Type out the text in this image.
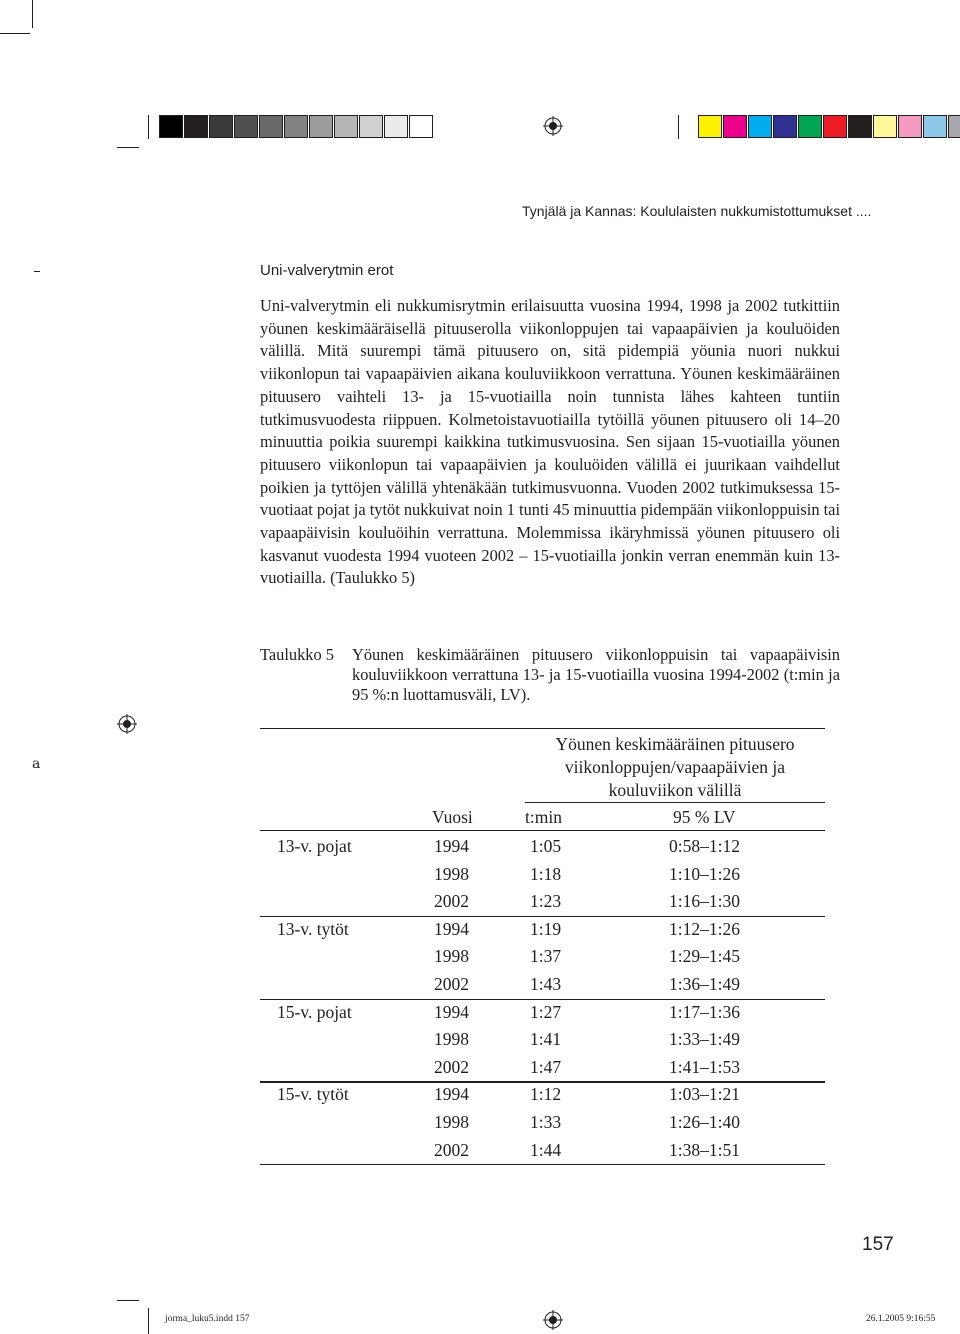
a
Tynjälä ja Kannas: Koululaisten nukkumistottumukset ....
Uni-valverytmin erot
Uni-valverytmin eli nukkumisrytmin erilaisuutta vuosina 1994, 1998 ja 2002 tutkittiin yöunen keskimääräisellä pituuserolla viikonloppujen tai vapaapäivien ja kouluöiden välillä. Mitä suurempi tämä pituusero on, sitä pidempiä yöunia nuori nukkui viikonlopun tai vapaapäivien aikana kouluviikkoon verrattuna. Yöunen keskimääräinen pituusero vaihteli 13- ja 15-vuotiailla noin tunnista lähes kahteen tuntiin tutkimusvuodesta riippuen. Kolmetoistavuotiailla tytöillä yöunen pituusero oli 14–20 minuuttia poikia suurempi kaikkina tutkimusvuosina. Sen sijaan 15-vuotiailla yöunen pituusero viikonlopun tai vapaapäivien ja kouluöiden välillä ei juurikaan vaihdellut poikien ja tyttöjen välillä yhtenäkään tutkimusvuonna. Vuoden 2002 tutkimuksessa 15-vuotiaat pojat ja tytöt nukkuivat noin 1 tunti 45 minuuttia pidempään viikonloppuisin tai vapaapäivisin kouluöihin verrattuna. Molemmissa ikäryhmissä yöunen pituusero oli kasvanut vuodesta 1994 vuoteen 2002 – 15-vuotiailla jonkin verran enemmän kuin 13-vuotiailla. (Taulukko 5)
Taulukko 5 Yöunen keskimääräinen pituusero viikonloppuisin tai vapaapäivisin kouluviikkoon verrattuna 13- ja 15-vuotiailla vuosina 1994-2002 (t:min ja 95 %:n luottamusväli, LV).
Yöunen keskimääräinen pituusero
viikonloppujen/vapaapäivien ja
kouluviikon välillä
Vuosi	t:min	95 % LV
13-v. pojat	1994	1:05	0:58–1:12
1998	1:18	1:10–1:26
2002	1:23	1:16–1:30
13-v. tytöt	1994	1:19	1:12–1:26
1998	1:37	1:29–1:45
2002	1:43	1:36–1:49
15-v. pojat	1994	1:27	1:17–1:36
1998	1:41	1:33–1:49
2002	1:47	1:41–1:53
15-v. tytöt	1994	1:12	1:03–1:21
1998	1:33	1:26–1:40
2002	1:44	1:38–1:51
157
jorma_luku5.indd 157	26.1.2005 9:16:55
